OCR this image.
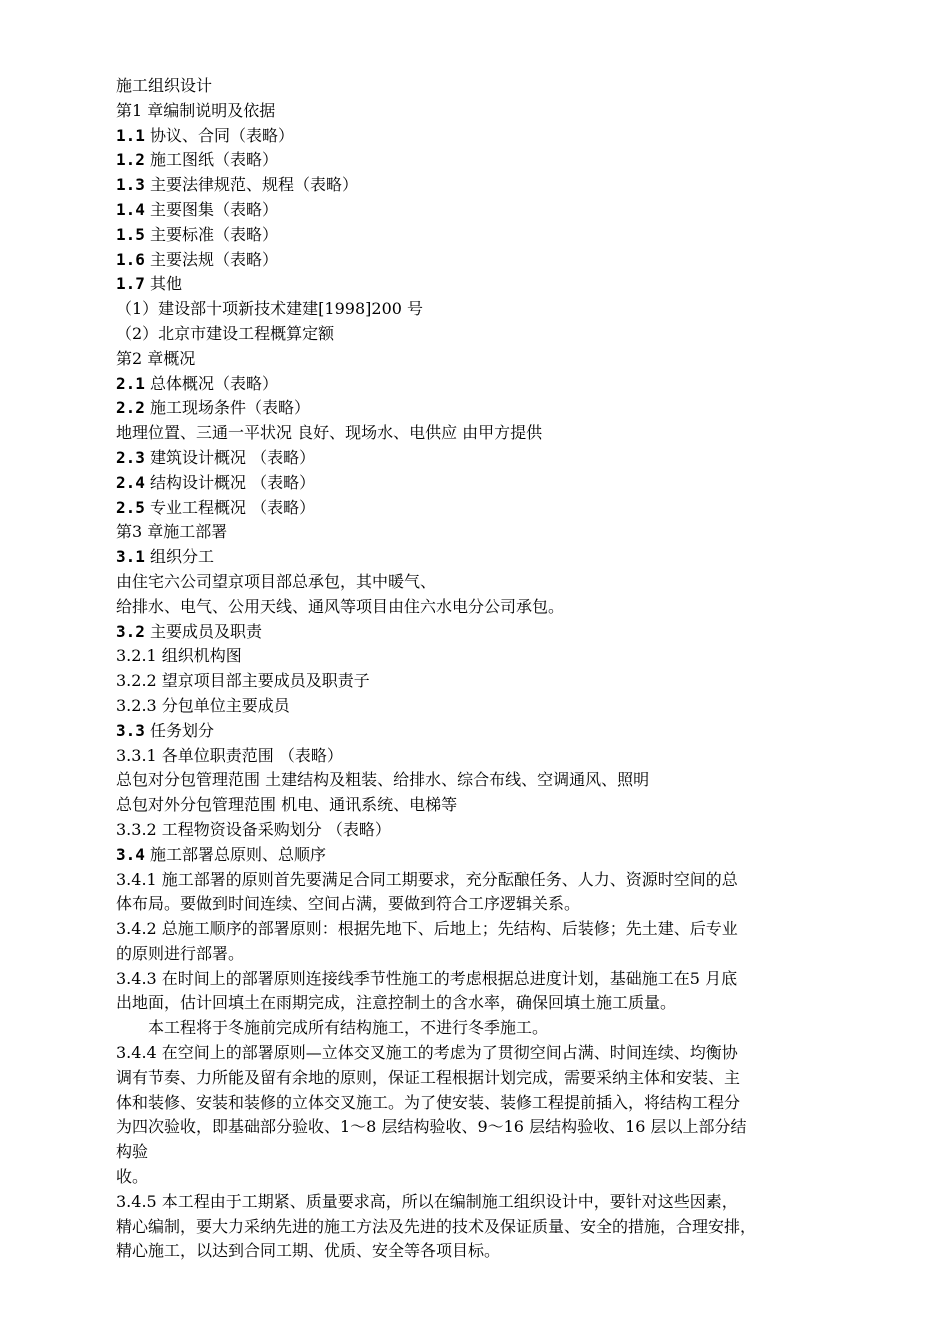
施工组织设计
第1 章编制说明及依据
1.1 协议、合同（表略）
1.2 施工图纸（表略）
1.3 主要法律规范、规程（表略）
1.4 主要图集（表略）
1.5 主要标准（表略）
1.6 主要法规（表略）
1.7 其他
（1）建设部十项新技术建建[1998]200 号
（2）北京市建设工程概算定额
第2 章概况
2.1 总体概况（表略）
2.2 施工现场条件（表略）
地理位置、三通一平状况 良好、现场水、电供应 由甲方提供
2.3 建筑设计概况 （表略）
2.4 结构设计概况 （表略）
2.5 专业工程概况 （表略）
第3 章施工部署
3.1 组织分工
由住宅六公司望京项目部总承包，其中暖气、
给排水、电气、公用天线、通风等项目由住六水电分公司承包。
3.2 主要成员及职责
3.2.1 组织机构图
3.2.2 望京项目部主要成员及职责子
3.2.3 分包单位主要成员
3.3 任务划分
3.3.1 各单位职责范围 （表略）
总包对分包管理范围 土建结构及粗装、给排水、综合布线、空调通风、照明
总包对外分包管理范围 机电、通讯系统、电梯等
3.3.2 工程物资设备采购划分 （表略）
3.4 施工部署总原则、总顺序
3.4.1 施工部署的原则首先要满足合同工期要求，充分酝酿任务、人力、资源时空间的总
体布局。要做到时间连续、空间占满，要做到符合工序逻辑关系。
3.4.2 总施工顺序的部署原则：根据先地下、后地上；先结构、后装修；先土建、后专业
的原则进行部署。
3.4.3 在时间上的部署原则连接线季节性施工的考虑根据总进度计划，基础施工在5 月底
出地面，估计回填土在雨期完成，注意控制土的含水率，确保回填土施工质量。
本工程将于冬施前完成所有结构施工，不进行冬季施工。
3.4.4 在空间上的部署原则—立体交叉施工的考虑为了贯彻空间占满、时间连续、均衡协
调有节奏、力所能及留有余地的原则，保证工程根据计划完成，需要采纳主体和安装、主
体和装修、安装和装修的立体交叉施工。为了使安装、装修工程提前插入，将结构工程分
为四次验收，即基础部分验收、1～8 层结构验收、9～16 层结构验收、16 层以上部分结
构验
收。
3.4.5 本工程由于工期紧、质量要求高，所以在编制施工组织设计中，要针对这些因素，
精心编制，要大力采纳先进的施工方法及先进的技术及保证质量、安全的措施，合理安排，
精心施工，以达到合同工期、优质、安全等各项目标。
